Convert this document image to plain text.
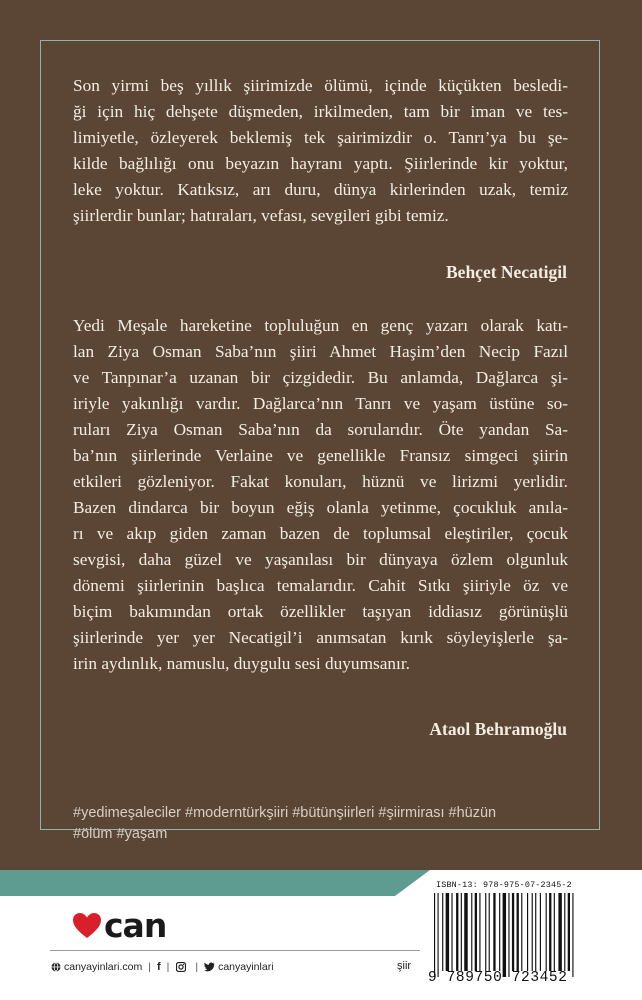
Son yirmi beş yıllık şiirimizde ölümü, içinde küçükten besledi-
ği için hiç dehşete düşmeden, irkilmeden, tam bir iman ve tes-
limiyetle, özleyerek beklemiş tek şairimizdir o. Tanrı’ya bu şe-
kilde bağlılığı onu beyazın hayranı yaptı. Şiirlerinde kir yoktur,
leke yoktur. Katıksız, arı duru, dünya kirlerinden uzak, temiz
şiirlerdir bunlar; hatıraları, vefası, sevgileri gibi temiz.
Behçet Necatigil
Yedi Meşale hareketine topluluğun en genç yazarı olarak katı-
lan Ziya Osman Saba’nın şiiri Ahmet Haşim’den Necip Fazıl
ve Tanpınar’a uzanan bir çizgidedir. Bu anlamda, Dağlarca şi-
iriyle yakınlığı vardır. Dağlarca’nın Tanrı ve yaşam üstüne so-
ruları Ziya Osman Saba’nın da sorularıdır. Öte yandan Sa-
ba’nın şiirlerinde Verlaine ve genellikle Fransız simgeci şiirin
etkileri gözleniyor. Fakat konuları, hüznü ve lirizmi yerlidir.
Bazen dindarca bir boyun eğiş olanla yetinme, çocukluk anıla-
rı ve akıp giden zaman bazen de toplumsal eleştiriler, çocuk
sevgisi, daha güzel ve yaşanılası bir dünyaya özlem olgunluk
dönemi şiirlerinin başlıca temalarıdır. Cahit Sıtkı şiiriyle öz ve
biçim bakımından ortak özellikler taşıyan iddiasız görünüşlü
şiirlerinde yer yer Necatigil’i anımsatan kırık söyleyişlerle şa-
irin aydınlık, namuslu, duygulu sesi duyumsanır.
Ataol Behramoğlu
#yedimeşaleciler #moderntürkşiiri #bütünşiirleri #şiirmirası #hüzün
#ölüm #yaşam
can
canyayinlari.com | f | | canyayinlari	şiir
ISBN-13: 978-975-07-2345-2
9 789750 723452
